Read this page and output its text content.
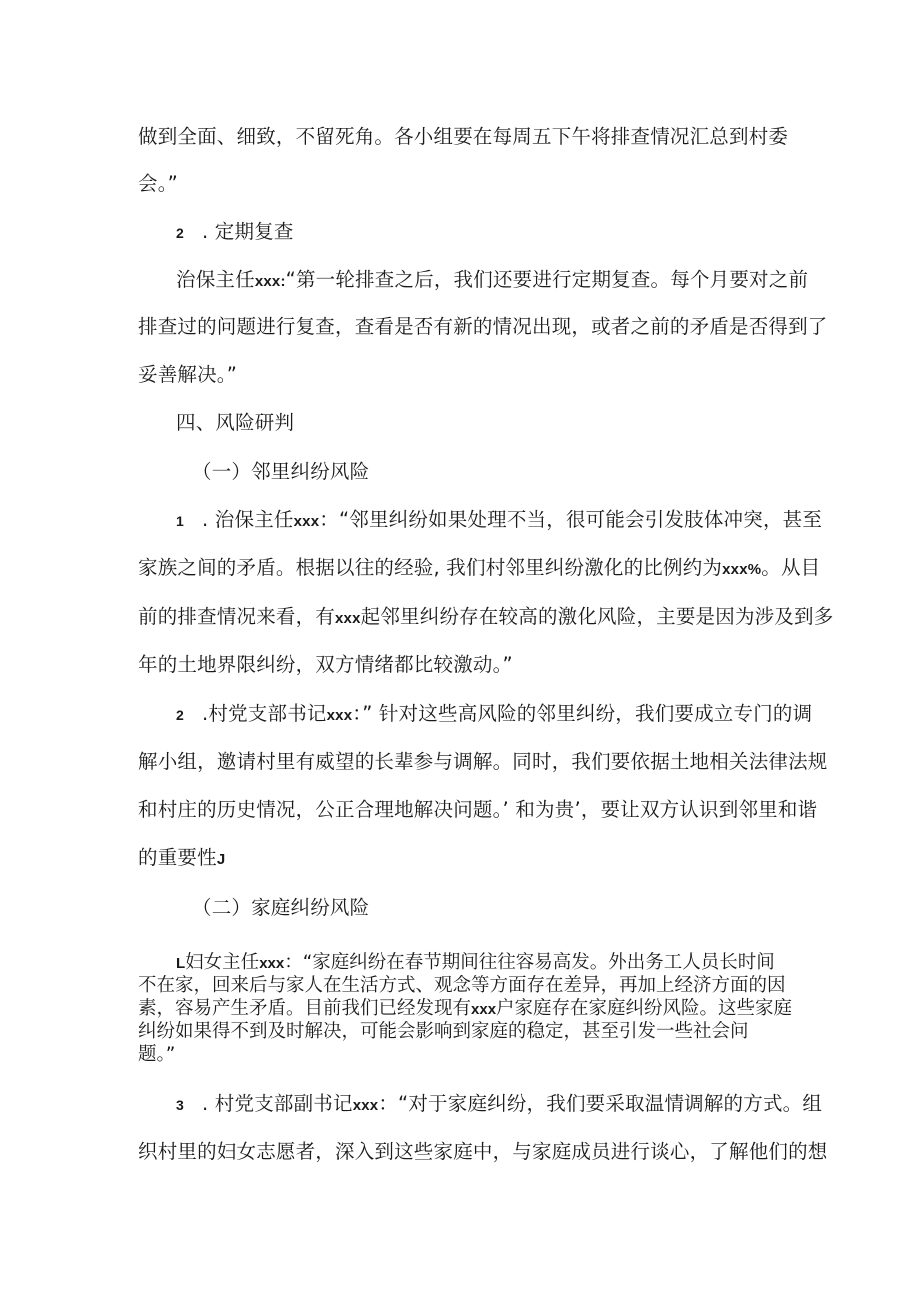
做到全面、细致，不留死角。各小组要在每周五下午将排查情况汇总到村委
会。”
2 . 定期复查
治保主任xxx:“第一轮排查之后，我们还要进行定期复查。每个月要对之前
排查过的问题进行复查，查看是否有新的情况出现，或者之前的矛盾是否得到了
妥善解决。”
四、风险研判
（一）邻里纠纷风险
1 . 治保主任xxx：“邻里纠纷如果处理不当，很可能会引发肢体冲突，甚至
家族之间的矛盾。根据以往的经验, 我们村邻里纠纷激化的比例约为xxx%。从目
前的排查情况来看，有xxx起邻里纠纷存在较高的激化风险，主要是因为涉及到多
年的土地界限纠纷，双方情绪都比较激动。”
2 .村党支部书记xxx：” 针对这些高风险的邻里纠纷，我们要成立专门的调
解小组，邀请村里有威望的长辈参与调解。同时，我们要依据土地相关法律法规
和村庄的历史情况，公正合理地解决问题。’ 和为贵’，要让双方认识到邻里和谐
的重要性J
（二）家庭纠纷风险
L妇女主任xxx：“家庭纠纷在春节期间往往容易高发。外出务工人员长时间
不在家，回来后与家人在生活方式、观念等方面存在差异，再加上经济方面的因
素，容易产生矛盾。目前我们已经发现有xxx户家庭存在家庭纠纷风险。这些家庭
纠纷如果得不到及时解决，可能会影响到家庭的稳定，甚至引发一些社会问
题。”
3 . 村党支部副书记xxx：“对于家庭纠纷，我们要采取温情调解的方式。组
织村里的妇女志愿者，深入到这些家庭中，与家庭成员进行谈心，了解他们的想
